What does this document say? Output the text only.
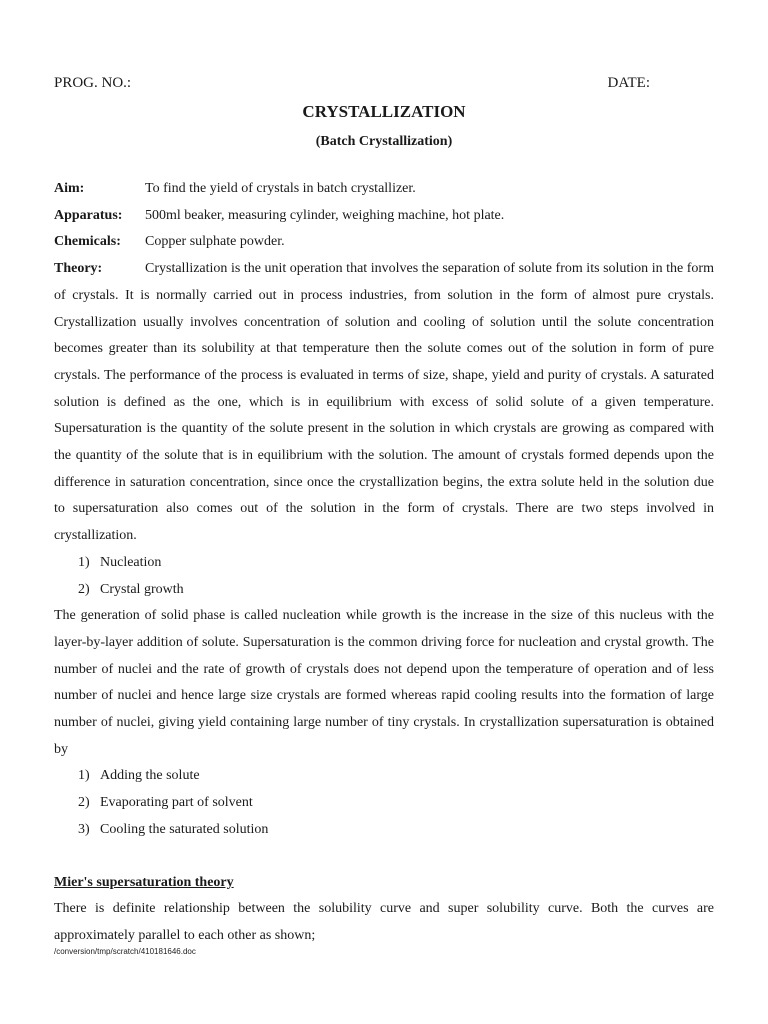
PROG. NO.:	DATE:
CRYSTALLIZATION
(Batch Crystallization)
Aim:	To find the yield of crystals in batch crystallizer.
Apparatus:	500ml beaker, measuring cylinder, weighing machine, hot plate.
Chemicals:	Copper sulphate powder.
Theory:	Crystallization is the unit operation that involves the separation of solute from its solution in the form of crystals. It is normally carried out in process industries, from solution in the form of almost pure crystals. Crystallization usually involves concentration of solution and cooling of solution until the solute concentration becomes greater than its solubility at that temperature then the solute comes out of the solution in form of pure crystals. The performance of the process is evaluated in terms of size, shape, yield and purity of crystals. A saturated solution is defined as the one, which is in equilibrium with excess of solid solute of a given temperature. Supersaturation is the quantity of the solute present in the solution in which crystals are growing as compared with the quantity of the solute that is in equilibrium with the solution. The amount of crystals formed depends upon the difference in saturation concentration, since once the crystallization begins, the extra solute held in the solution due to supersaturation also comes out of the solution in the form of crystals. There are two steps involved in crystallization.
1) Nucleation
2) Crystal growth
The generation of solid phase is called nucleation while growth is the increase in the size of this nucleus with the layer-by-layer addition of solute. Supersaturation is the common driving force for nucleation and crystal growth. The number of nuclei and the rate of growth of crystals does not depend upon the temperature of operation and of less number of nuclei and hence large size crystals are formed whereas rapid cooling results into the formation of large number of nuclei, giving yield containing large number of tiny crystals. In crystallization supersaturation is obtained by
1) Adding the solute
2) Evaporating part of solvent
3) Cooling the saturated solution
Mier's supersaturation theory
There is definite relationship between the solubility curve and super solubility curve. Both the curves are approximately parallel to each other as shown;
/conversion/tmp/scratch/410181646.doc
